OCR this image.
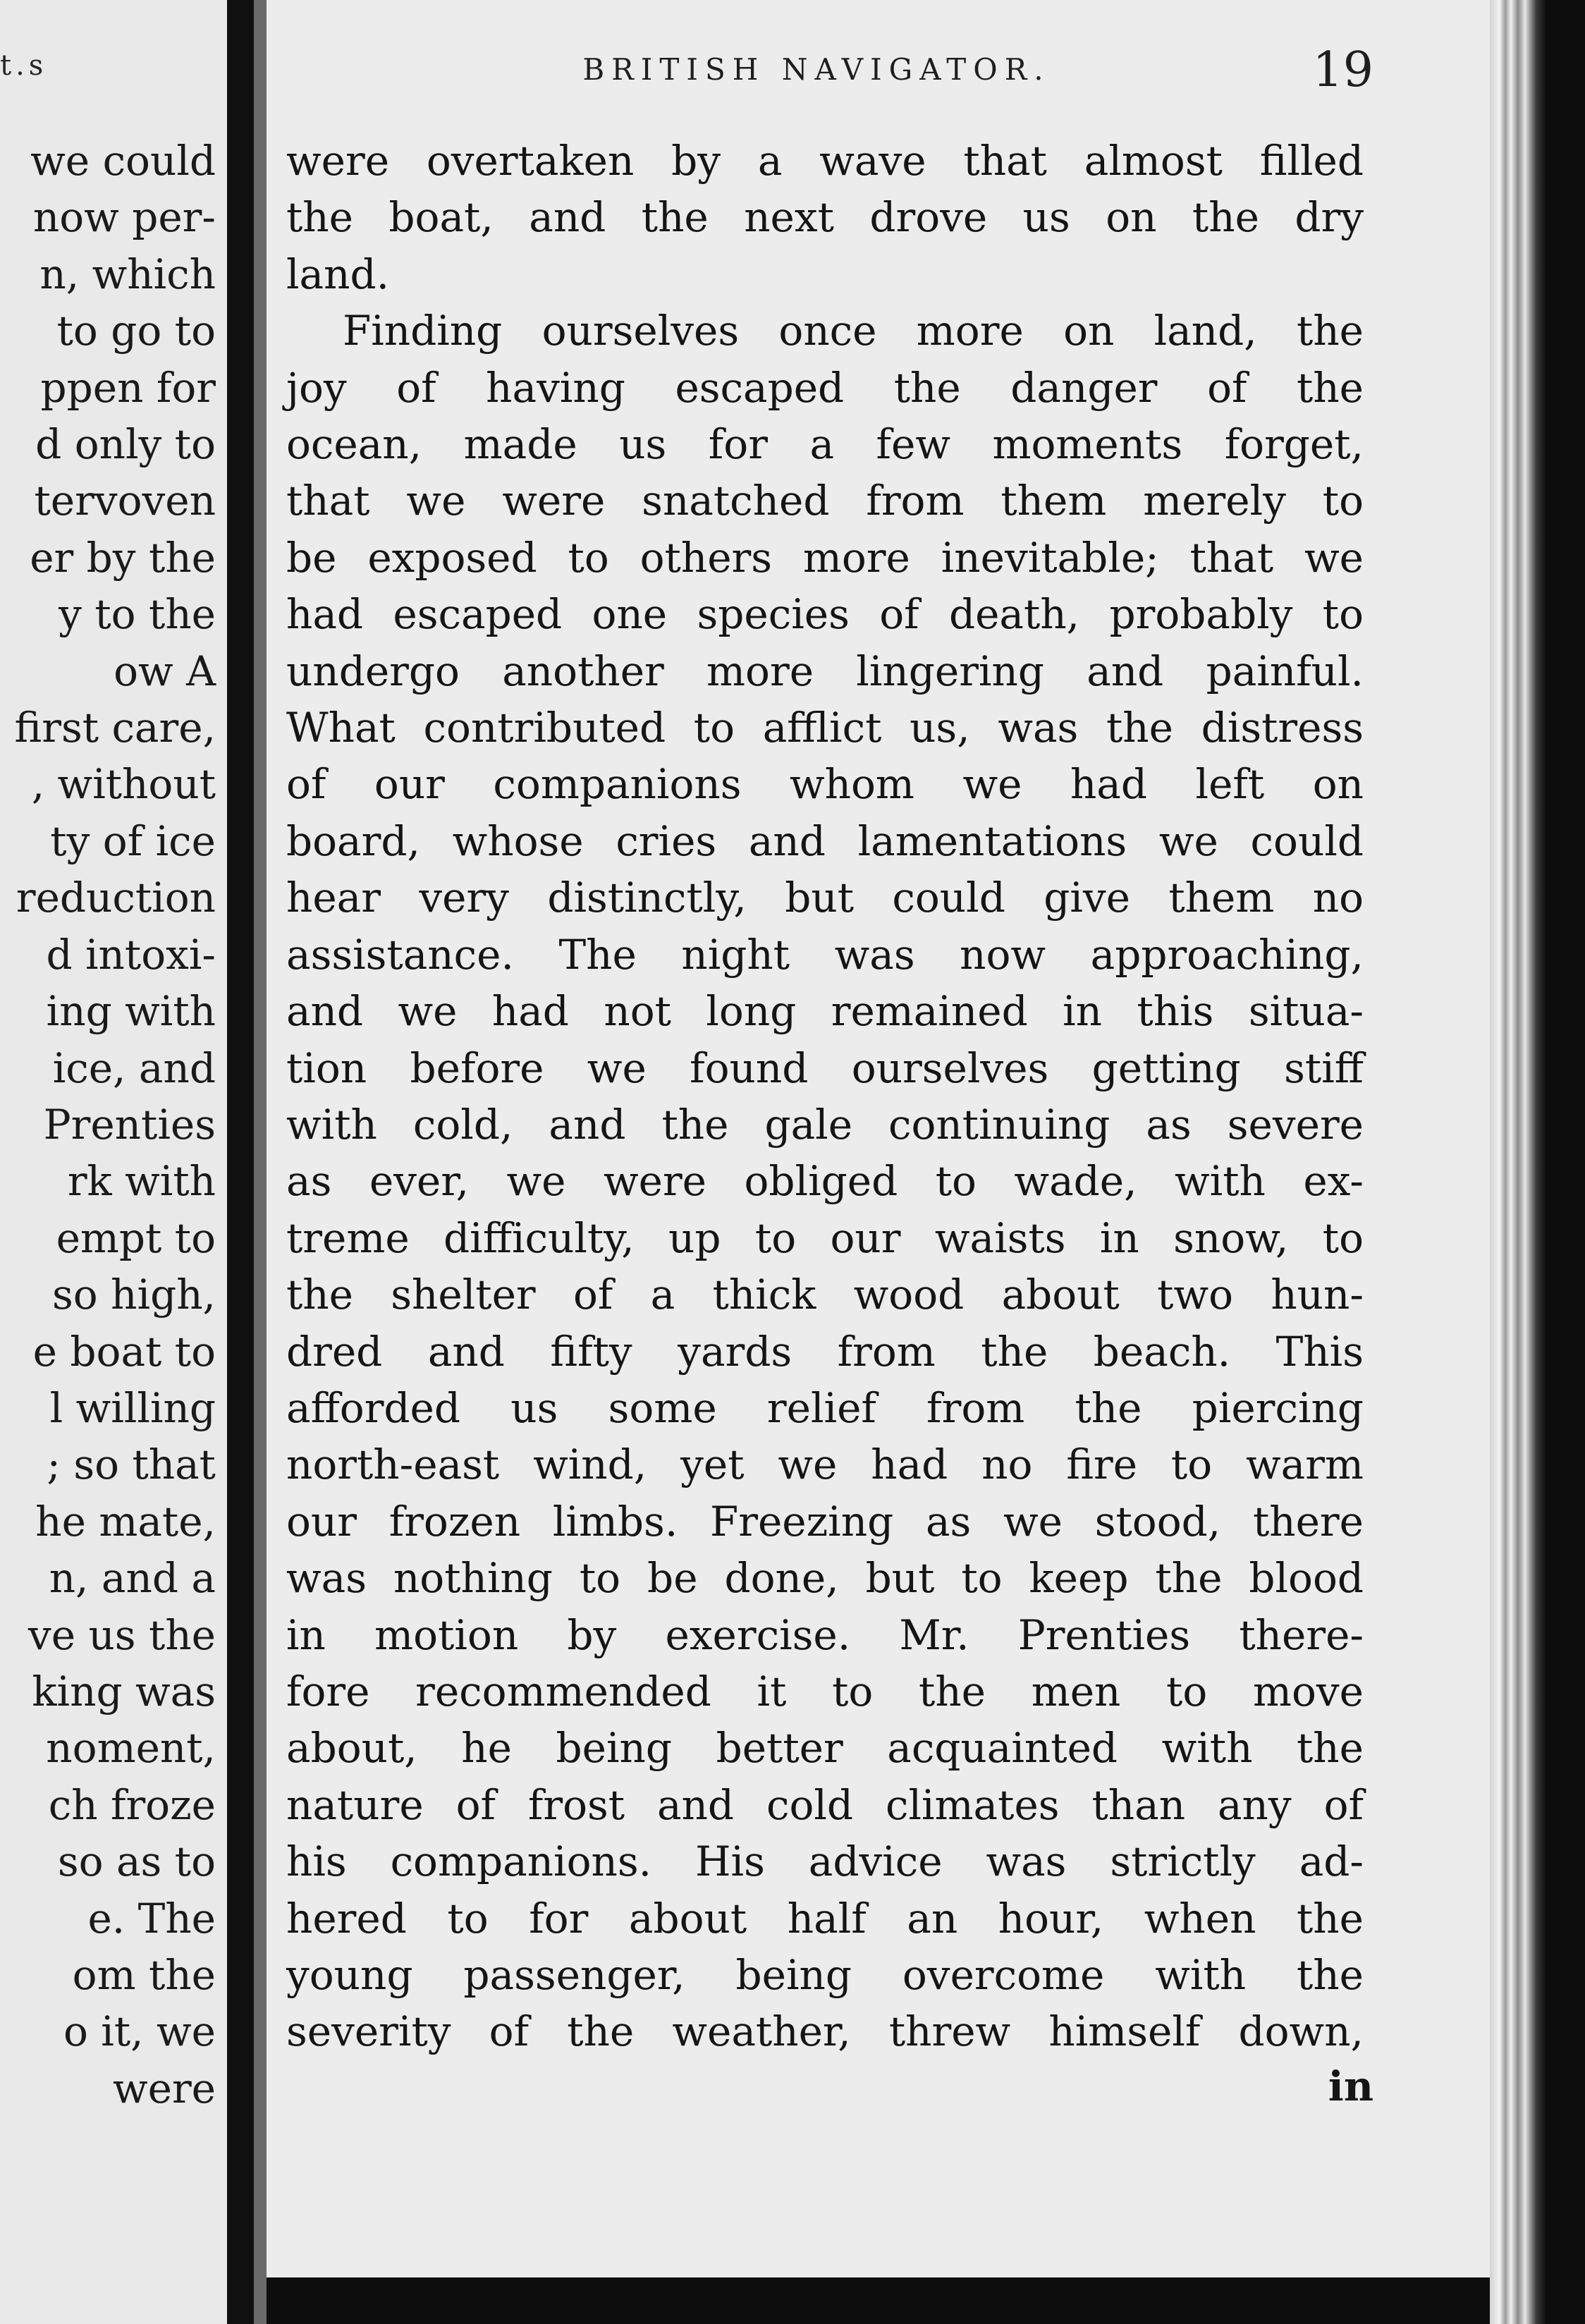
t.s
we could
now per-
n, which
to go to
ppen for
d only to
tervoven
er by the
y to the
ow A
first care,
, without
ty of ice
reduction
d intoxi-
ing with
ice, and
Prenties
rk with
empt to
so high,
e boat to
l willing
; so that
he mate,
n, and a
ve us the
king was
noment,
ch froze
so as to
e. The
om the
o it, we
were
BRITISH NAVIGATOR.	19
were overtaken by a wave that almost filled
the boat, and the next drove us on the dry
land.
Finding ourselves once more on land, the
joy of having escaped the danger of the
ocean, made us for a few moments forget,
that we were snatched from them merely to
be exposed to others more inevitable; that we
had escaped one species of death, probably to
undergo another more lingering and painful.
What contributed to afflict us, was the distress
of our companions whom we had left on
board, whose cries and lamentations we could
hear very distinctly, but could give them no
assistance. The night was now approaching,
and we had not long remained in this situa-
tion before we found ourselves getting stiff
with cold, and the gale continuing as severe
as ever, we were obliged to wade, with ex-
treme difficulty, up to our waists in snow, to
the shelter of a thick wood about two hun-
dred and fifty yards from the beach. This
afforded us some relief from the piercing
north-east wind, yet we had no fire to warm
our frozen limbs. Freezing as we stood, there
was nothing to be done, but to keep the blood
in motion by exercise. Mr. Prenties there-
fore recommended it to the men to move
about, he being better acquainted with the
nature of frost and cold climates than any of
his companions. His advice was strictly ad-
hered to for about half an hour, when the
young passenger, being overcome with the
severity of the weather, threw himself down,
in
